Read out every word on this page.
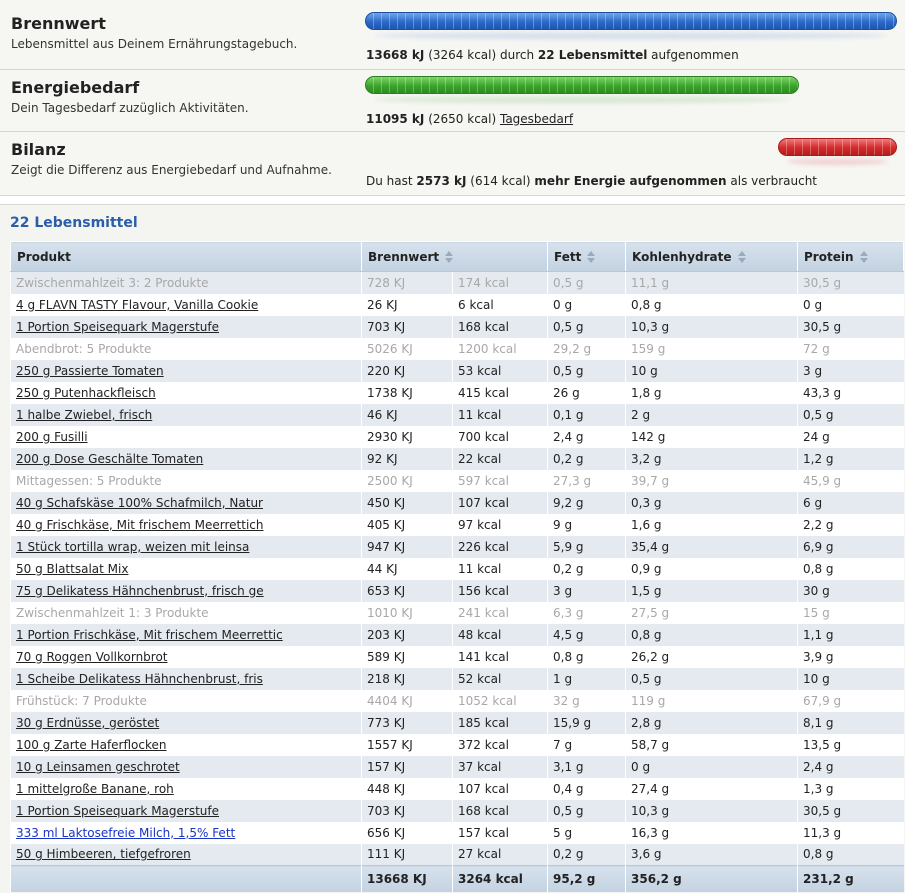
Brennwert
Lebensmittel aus Deinem Ernährungstagebuch.
13668 kJ (3264 kcal) durch 22 Lebensmittel aufgenommen
Energiebedarf
Dein Tagesbedarf zuzüglich Aktivitäten.
11095 kJ (2650 kcal) Tagesbedarf
Bilanz
Zeigt die Differenz aus Energiebedarf und Aufnahme.
Du hast 2573 kJ (614 kcal) mehr Energie aufgenommen als verbraucht
22 Lebensmittel
Produkt	Brennwert		Fett	Kohlenhydrate	Protein
Zwischenmahlzeit 3: 2 Produkte	728 KJ	174 kcal	0,5 g	11,1 g	30,5 g
4 g FLAVN TASTY Flavour, Vanilla Cookie	26 KJ	6 kcal	0 g	0,8 g	0 g
1 Portion Speisequark Magerstufe	703 KJ	168 kcal	0,5 g	10,3 g	30,5 g
Abendbrot: 5 Produkte	5026 KJ	1200 kcal	29,2 g	159 g	72 g
250 g Passierte Tomaten	220 KJ	53 kcal	0,5 g	10 g	3 g
250 g Putenhackfleisch	1738 KJ	415 kcal	26 g	1,8 g	43,3 g
1 halbe Zwiebel, frisch	46 KJ	11 kcal	0,1 g	2 g	0,5 g
200 g Fusilli	2930 KJ	700 kcal	2,4 g	142 g	24 g
200 g Dose Geschälte Tomaten	92 KJ	22 kcal	0,2 g	3,2 g	1,2 g
Mittagessen: 5 Produkte	2500 KJ	597 kcal	27,3 g	39,7 g	45,9 g
40 g Schafskäse 100% Schafmilch, Natur	450 KJ	107 kcal	9,2 g	0,3 g	6 g
40 g Frischkäse, Mit frischem Meerrettich	405 KJ	97 kcal	9 g	1,6 g	2,2 g
1 Stück tortilla wrap, weizen mit leinsa	947 KJ	226 kcal	5,9 g	35,4 g	6,9 g
50 g Blattsalat Mix	44 KJ	11 kcal	0,2 g	0,9 g	0,8 g
75 g Delikatess Hähnchenbrust, frisch ge	653 KJ	156 kcal	3 g	1,5 g	30 g
Zwischenmahlzeit 1: 3 Produkte	1010 KJ	241 kcal	6,3 g	27,5 g	15 g
1 Portion Frischkäse, Mit frischem Meerrettic	203 KJ	48 kcal	4,5 g	0,8 g	1,1 g
70 g Roggen Vollkornbrot	589 KJ	141 kcal	0,8 g	26,2 g	3,9 g
1 Scheibe Delikatess Hähnchenbrust, fris	218 KJ	52 kcal	1 g	0,5 g	10 g
Frühstück: 7 Produkte	4404 KJ	1052 kcal	32 g	119 g	67,9 g
30 g Erdnüsse, geröstet	773 KJ	185 kcal	15,9 g	2,8 g	8,1 g
100 g Zarte Haferflocken	1557 KJ	372 kcal	7 g	58,7 g	13,5 g
10 g Leinsamen geschrotet	157 KJ	37 kcal	3,1 g	0 g	2,4 g
1 mittelgroße Banane, roh	448 KJ	107 kcal	0,4 g	27,4 g	1,3 g
1 Portion Speisequark Magerstufe	703 KJ	168 kcal	0,5 g	10,3 g	30,5 g
333 ml Laktosefreie Milch, 1,5% Fett	656 KJ	157 kcal	5 g	16,3 g	11,3 g
50 g Himbeeren, tiefgefroren	111 KJ	27 kcal	0,2 g	3,6 g	0,8 g
	13668 KJ	3264 kcal	95,2 g	356,2 g	231,2 g
